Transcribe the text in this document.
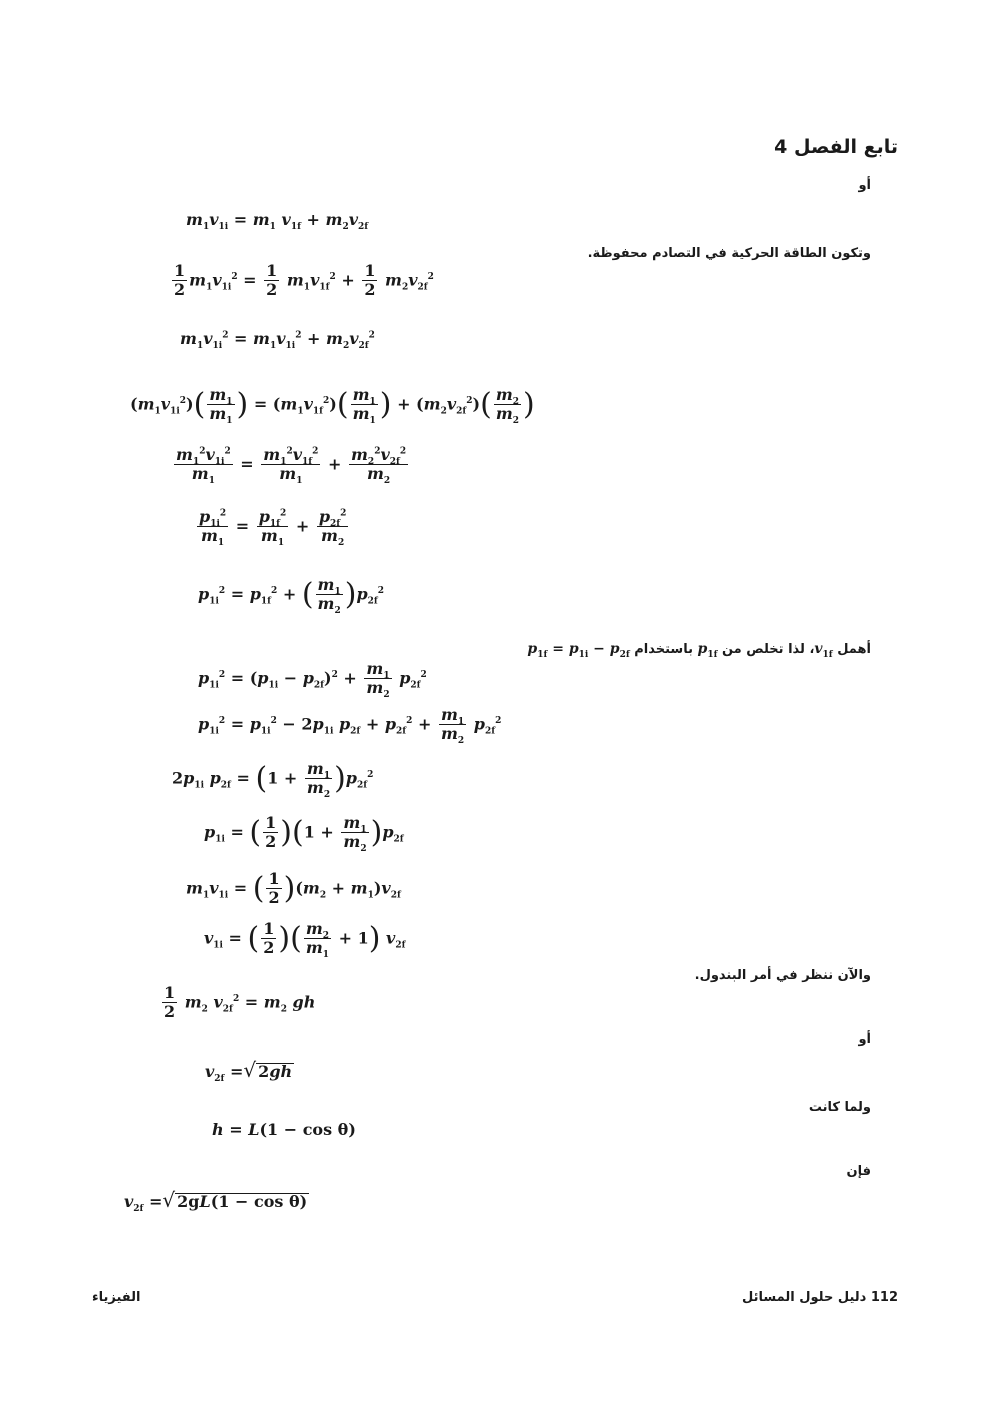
تابع الفصل 4
أو
وتكون الطاقة الحركية في التصادم محفوظة.
أهمل $v_{1f}،$ لذا تخلص من $p_{1f}$ باستخدام $p_{1f} = p_{1i} - p_{2f}$
والآن ننظر في أمر البندول.
أو
ولما كانت
فإن
$m_1v_{1i} = m_1$ $v_{1f} + m_2v_{2f}$
$\frac{1}{2} m_1v_{1i}^2 = \frac{1}{2} m_1v_{1f}^2 + \frac{1}{2} m_2v_{2f}^2$
$m_1v_{1i}^2 = m_1v_{1i}^2 + m_2v_{2f}^2$
$(m_1v_{1i}^2)( \frac{m_1}{m_1}$ ) = $(m_1v_{1f}^2)( \frac{m_1}{m_1}$ ) + $(m_2v_{2f}^2)( \frac{m_2}{m_2}$ )
$\frac{m_1^2v_{1i}^2}{m_1} = \frac{m_1^2v_{1f}^2}{m_1} + \frac{m_2^2v_{2f}^2}{m_2}$
$\frac{p_{1i}^2}{m_1} = \frac{p_{1f}^2}{m_1} + \frac{p_{2f}^2}{m_2}$
$p_{1i}^2 = p_{1f}^2$ + ( $\frac{m_1}{m_2} )p_{2f}^2$
$p_{1i}^2 = (p_{1i} - p_{2f})^2 + \frac{m_1}{m_2} p_{2f}^2$
$p_{1i}^2 = p_{1i}^2 - 2p_{1i}$ $p_{2f} + p_{2f}^2 + \frac{m_1}{m_2} p_{2f}^2$
$2p_{1i}$ $p_{2f} = (1 + \frac{m_1}{m_2} )p_{2f}^2$
$p_{1i}$ = ( $\frac{1}{2} )(1 + \frac{m_1}{m_2} )p_{2f}$
$m_1v_{1i}$ = ( $\frac{1}{2} )(m_2 + m_1)v_{2f}$
$v_{1i}$ = ( $\frac{1}{2}$ )( $\frac{m_2}{m_1} + 1$) $v_{2f}$
$\frac{1}{2} m_2$ $v_{2f}^2 = m_2$ gh
$v_{2f}$ =√ 2gh
h = L(1 − cos θ)
$v_{2f}$ =√ 2gL(1 − cos θ)
112 دليل حلول المسائل
الفيزياء
